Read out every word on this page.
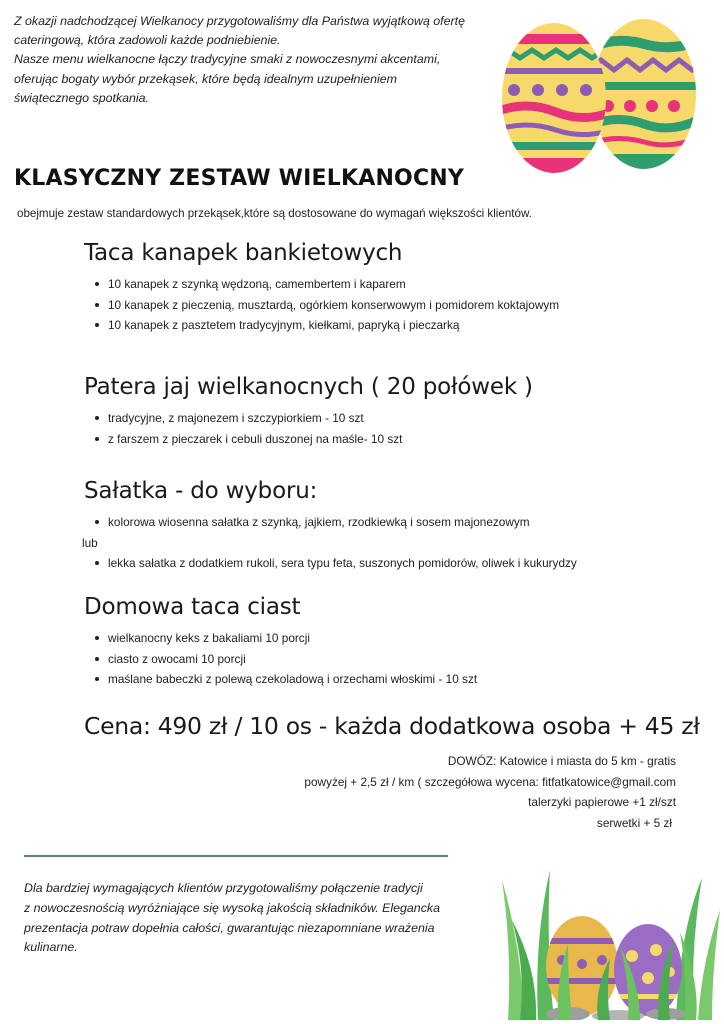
Z okazji nadchodzącej Wielkanocy przygotowaliśmy dla Państwa wyjątkową ofertę

cateringową, która zadowoli każde podniebienie.

Nasze menu wielkanocne łączy tradycyjne smaki z nowoczesnymi akcentami,

oferując bogaty wybór przekąsek, które będą idealnym uzupełnieniem

świątecznego spotkania.

KLASYCZNY ZESTAW WIELKANOCNY
obejmuje zestaw standardowych przekąsek,które są dostosowane do wymagań większości klientów.
Taca kanapek bankietowych
10 kanapek z szynką wędzoną, camembertem i kaparem
10 kanapek z pieczenią, musztardą, ogórkiem konserwowym i pomidorem koktajowym
10 kanapek z pasztetem tradycyjnym, kiełkami, papryką i pieczarką
Patera jaj wielkanocnych ( 20 połówek )
tradycyjne, z majonezem i szczypiorkiem - 10 szt
z farszem z pieczarek i cebuli duszonej na maśle- 10 szt
Sałatka - do wyboru:
kolorowa wiosenna sałatka z szynką, jajkiem, rzodkiewką i sosem majonezowym
lub
lekka sałatka z dodatkiem rukoli, sera typu feta, suszonych pomidorów, oliwek i kukurydzy
Domowa taca ciast
wielkanocny keks z bakaliami 10 porcji
ciasto z owocami 10 porcji
maślane babeczki z polewą czekoladową i orzechami włoskimi - 10 szt
Cena: 490 zł / 10 os - każda dodatkowa osoba + 45 zł
DOWÓZ: Katowice i miasta do 5 km - gratis
powyżej + 2,5 zł / km ( szczegółowa wycena: fitfatkatowice@gmail.com
talerzyki papierowe +1 zł/szt
serwetki + 5 zł
Dla bardziej wymagających klientów przygotowaliśmy połączenie tradycji
z nowoczesnością wyróżniające się wysoką jakością składników. Elegancka
prezentacja potraw dopełnia całości, gwarantując niezapomniane wrażenia
kulinarne.
